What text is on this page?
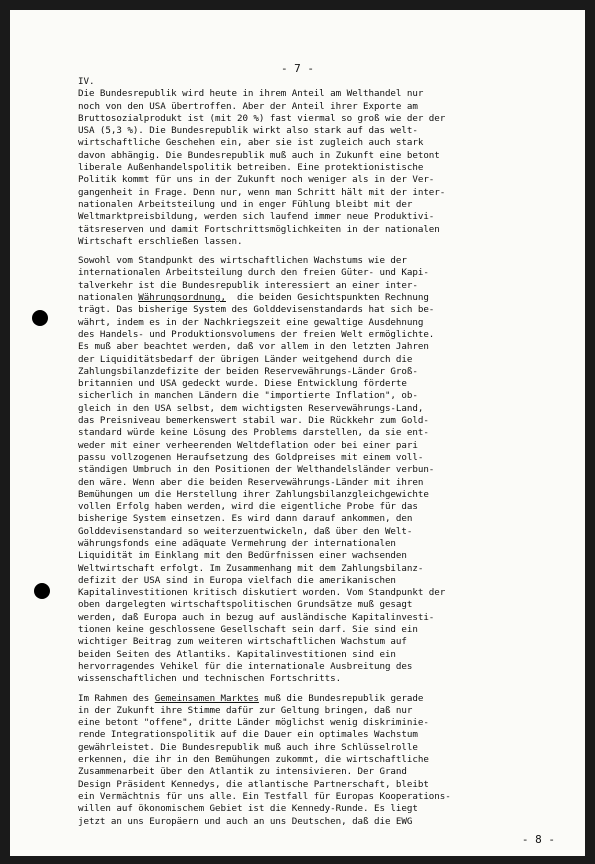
- 7 -
IV.
Die Bundesrepublik wird heute in ihrem Anteil am Welthandel nur
noch von den USA übertroffen. Aber der Anteil ihrer Exporte am
Bruttosozialprodukt ist (mit 20 %) fast viermal so groß wie der der
USA (5,3 %). Die Bundesrepublik wirkt also stark auf das welt-
wirtschaftliche Geschehen ein, aber sie ist zugleich auch stark
davon abhängig. Die Bundesrepublik muß auch in Zukunft eine betont
liberale Außenhandelspolitik betreiben. Eine protektionistische
Politik kommt für uns in der Zukunft noch weniger als in der Ver-
gangenheit in Frage. Denn nur, wenn man Schritt hält mit der inter-
nationalen Arbeitsteilung und in enger Fühlung bleibt mit der
Weltmarktpreisbildung, werden sich laufend immer neue Produktivi-
tätsreserven und damit Fortschrittsmöglichkeiten in der nationalen
Wirtschaft erschließen lassen.
Sowohl vom Standpunkt des wirtschaftlichen Wachstums wie der
internationalen Arbeitsteilung durch den freien Güter- und Kapi-
talverkehr ist die Bundesrepublik interessiert an einer inter-
nationalen Währungsordnung,  die beiden Gesichtspunkten Rechnung
trägt. Das bisherige System des Golddevisenstandards hat sich be-
währt, indem es in der Nachkriegszeit eine gewaltige Ausdehnung
des Handels- und Produktionsvolumens der freien Welt ermöglichte.
Es muß aber beachtet werden, daß vor allem in den letzten Jahren
der Liquiditätsbedarf der übrigen Länder weitgehend durch die
Zahlungsbilanzdefizite der beiden Reservewährungs-Länder Groß-
britannien und USA gedeckt wurde. Diese Entwicklung förderte
sicherlich in manchen Ländern die "importierte Inflation", ob-
gleich in den USA selbst, dem wichtigsten Reservewährungs-Land,
das Preisniveau bemerkenswert stabil war. Die Rückkehr zum Gold-
standard würde keine Lösung des Problems darstellen, da sie ent-
weder mit einer verheerenden Weltdeflation oder bei einer pari
passu vollzogenen Heraufsetzung des Goldpreises mit einem voll-
ständigen Umbruch in den Positionen der Welthandelsländer verbun-
den wäre. Wenn aber die beiden Reservewährungs-Länder mit ihren
Bemühungen um die Herstellung ihrer Zahlungsbilanzgleichgewichte
vollen Erfolg haben werden, wird die eigentliche Probe für das
bisherige System einsetzen. Es wird dann darauf ankommen, den
Golddevisenstandard so weiterzuentwickeln, daß über den Welt-
währungsfonds eine adäquate Vermehrung der internationalen
Liquidität im Einklang mit den Bedürfnissen einer wachsenden
Weltwirtschaft erfolgt. Im Zusammenhang mit dem Zahlungsbilanz-
defizit der USA sind in Europa vielfach die amerikanischen
Kapitalinvestitionen kritisch diskutiert worden. Vom Standpunkt der
oben dargelegten wirtschaftspolitischen Grundsätze muß gesagt
werden, daß Europa auch in bezug auf ausländische Kapitalinvesti-
tionen keine geschlossene Gesellschaft sein darf. Sie sind ein
wichtiger Beitrag zum weiteren wirtschaftlichen Wachstum auf
beiden Seiten des Atlantiks. Kapitalinvestitionen sind ein
hervorragendes Vehikel für die internationale Ausbreitung des
wissenschaftlichen und technischen Fortschritts.
Im Rahmen des Gemeinsamen Marktes muß die Bundesrepublik gerade
in der Zukunft ihre Stimme dafür zur Geltung bringen, daß nur
eine betont "offene", dritte Länder möglichst wenig diskriminie-
rende Integrationspolitik auf die Dauer ein optimales Wachstum
gewährleistet. Die Bundesrepublik muß auch ihre Schlüsselrolle
erkennen, die ihr in den Bemühungen zukommt, die wirtschaftliche
Zusammenarbeit über den Atlantik zu intensivieren. Der Grand
Design Präsident Kennedys, die atlantische Partnerschaft, bleibt
ein Vermächtnis für uns alle. Ein Testfall für Europas Kooperations-
willen auf ökonomischem Gebiet ist die Kennedy-Runde. Es liegt
jetzt an uns Europäern und auch an uns Deutschen, daß die EWG
- 8 -
